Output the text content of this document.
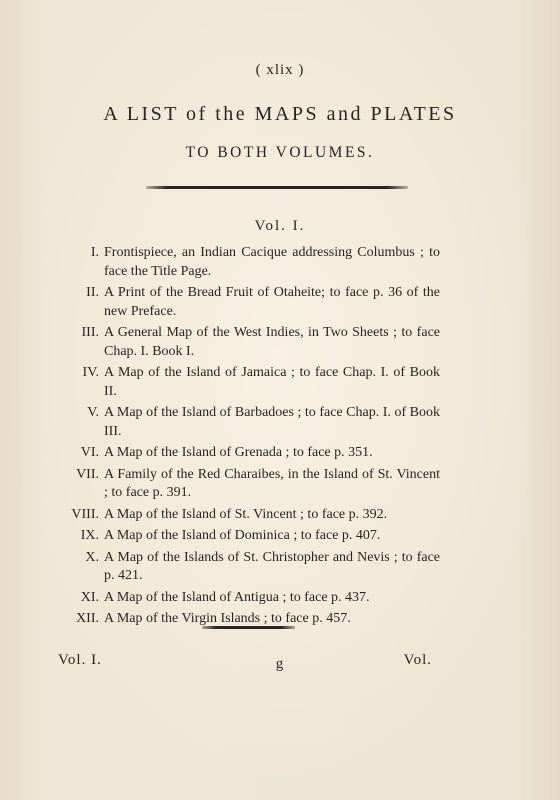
( xlix )
A LIST of the MAPS and PLATES
TO BOTH VOLUMES.
Vol. I.
I. Frontispiece, an Indian Cacique addressing Columbus ; to face the Title Page.
II. A Print of the Bread Fruit of Otaheite; to face p. 36 of the new Preface.
III. A General Map of the West Indies, in Two Sheets ; to face Chap. I. Book I.
IV. A Map of the Island of Jamaica ; to face Chap. I. of Book II.
V. A Map of the Island of Barbadoes ; to face Chap. I. of Book III.
VI. A Map of the Island of Grenada ; to face p. 351.
VII. A Family of the Red Charaibes, in the Island of St. Vincent ; to face p. 391.
VIII. A Map of the Island of St. Vincent ; to face p. 392.
IX. A Map of the Island of Dominica ; to face p. 407.
X. A Map of the Islands of St. Christopher and Nevis ; to face p. 421.
XI. A Map of the Island of Antigua ; to face p. 437.
XII. A Map of the Virgin Islands ; to face p. 457.
Vol. I.	g	Vol.
